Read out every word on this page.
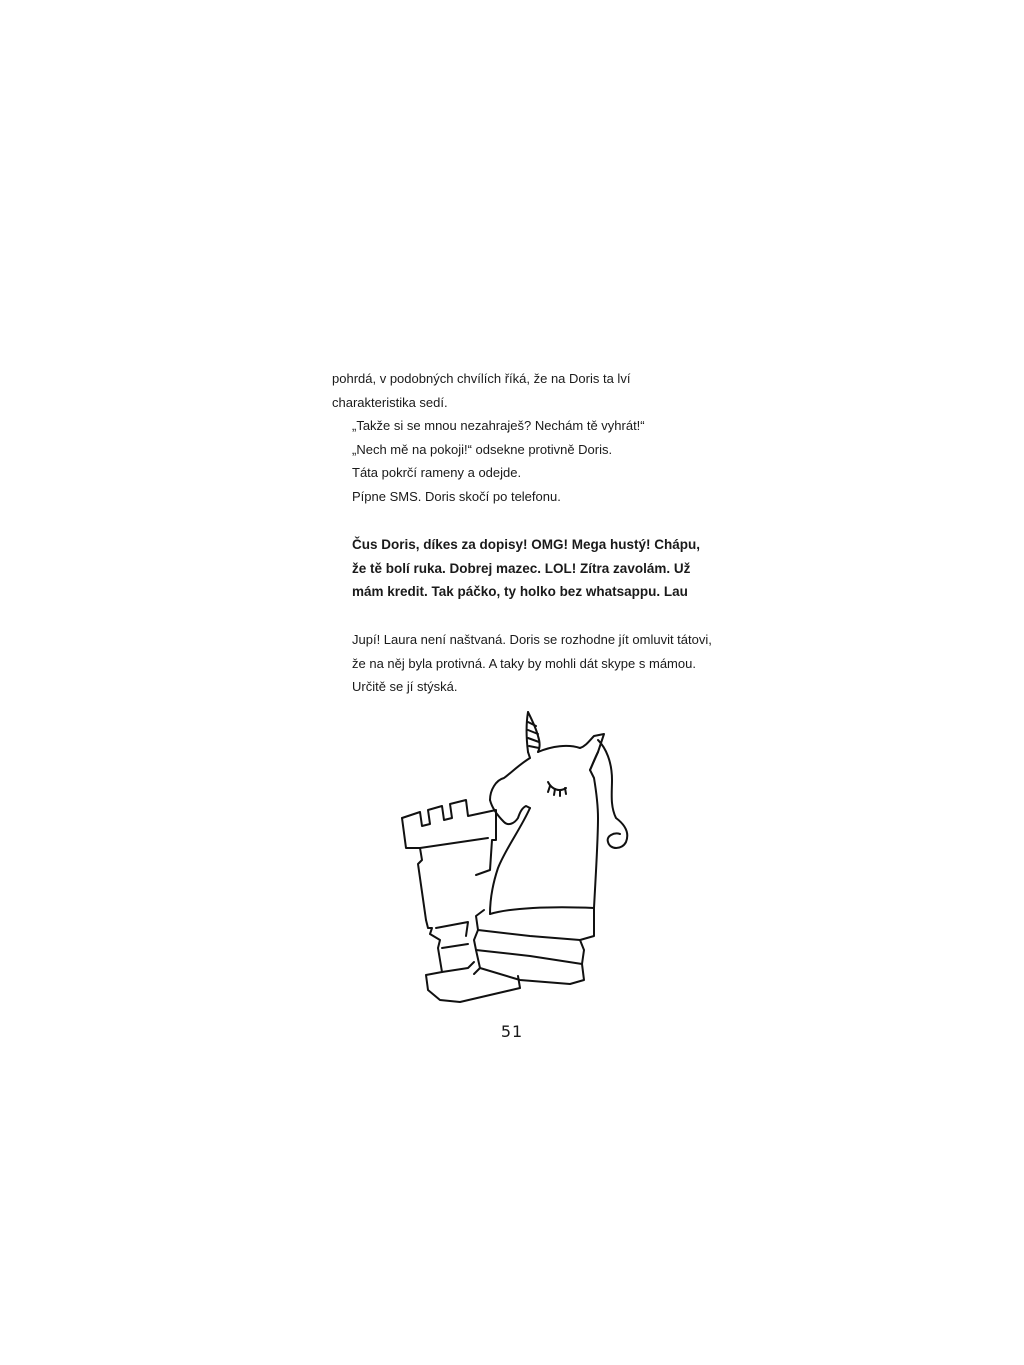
pohrdá, v podobných chvílích říká, že na Doris ta lví charakteristika sedí.

„Takže si se mnou nezahraješ? Nechám tě vyhrát!“

„Nech mě na pokoji!“ odsekne protivně Doris.

Táta pokrčí rameny a odejde.

Pípne SMS. Doris skočí po telefonu.

Čus Doris, díkes za dopisy! OMG! Mega hustý! Chápu,

že tě bolí ruka. Dobrej mazec. LOL! Zítra zavolám. Už

mám kredit. Tak páčko, ty holko bez whatsappu. Lau

Jupí! Laura není naštvaná. Doris se rozhodne jít omluvit tátovi, že na něj byla protivná. A taky by mohli dát skype s mámou. Určitě se jí stýská.

51
